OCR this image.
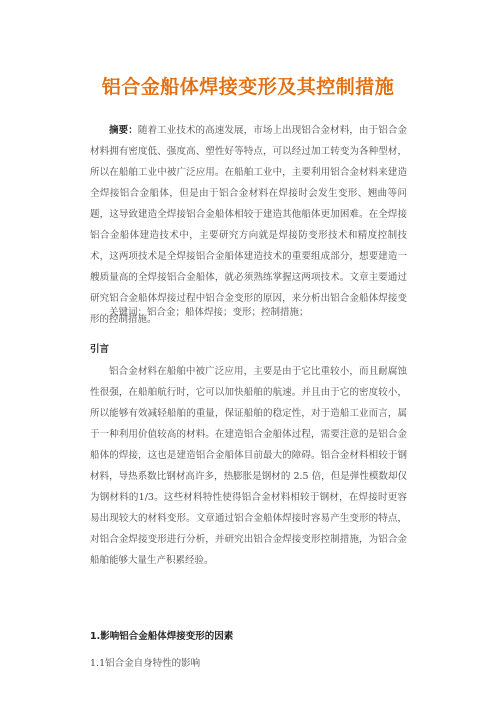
铝合金船体焊接变形及其控制措施
摘要：随着工业技术的高速发展，市场上出现铝合金材料，由于铝合金材料拥有密度低、强度高、塑性好等特点，可以经过加工转变为各种型材，所以在船舶工业中被广泛应用。在船舶工业中，主要利用铝合金材料来建造全焊接铝合金船体，但是由于铝合金材料在焊接时会发生变形、翘曲等问题，这导致建造全焊接铝合金船体相较于建造其他船体更加困难。在全焊接铝合金船体建造技术中，主要研究方向就是焊接防变形技术和精度控制技术，这两项技术是全焊接铝合金船体建造技术的重要组成部分，想要建造一艘质量高的全焊接铝合金船体，就必须熟练掌握这两项技术。文章主要通过研究铝合金船体焊接过程中铝合金变形的原因，来分析出铝合金船体焊接变形的控制措施。
关键词：铝合金；船体焊接；变形；控制措施；
引言
铝合金材料在船舶中被广泛应用，主要是由于它比重较小，而且耐腐蚀性很强，在船舶航行时，它可以加快船舶的航速。并且由于它的密度较小，所以能够有效减轻船舶的重量，保证船舶的稳定性，对于造船工业而言，属于一种利用价值较高的材料。在建造铝合金船体过程，需要注意的是铝合金船体的焊接，这也是建造铝合金船体目前最大的障碍。铝合金材料相较于钢材料，导热系数比钢材高许多，热膨胀是钢材的 2.5 倍，但是弹性模数却仅为钢材料的1/3。这些材料特性使得铝合金材料相较于钢材，在焊接时更容易出现较大的材料变形。文章通过铝合金船体焊接时容易产生变形的特点，对铝合金焊接变形进行分析，并研究出铝合金焊接变形控制措施，为铝合金船舶能够大量生产积累经验。
1.影响铝合金船体焊接变形的因素
1.1铝合金自身特性的影响
